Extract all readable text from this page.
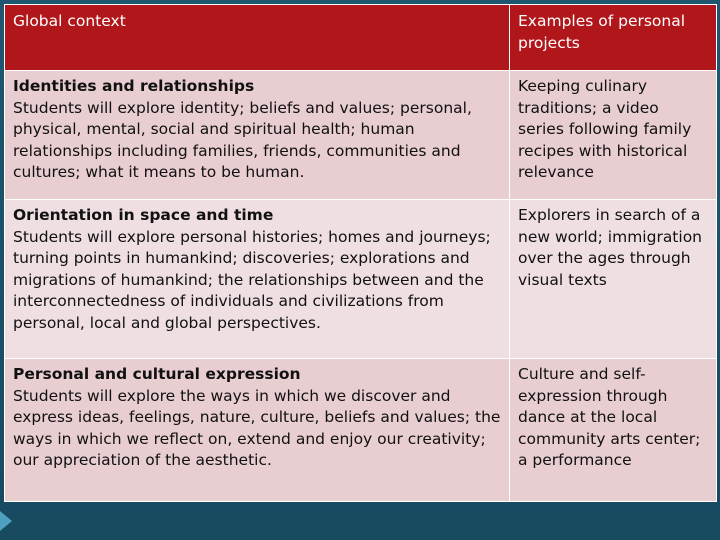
Global context	Examples of personal projects

Identities and relationships
Students will explore identity; beliefs and values; personal, physical, mental, social and spiritual health; human relationships including families, friends, communities and cultures; what it means to be human.	Keeping culinary traditions; a video series following family recipes with historical relevance

Orientation in space and time
Students will explore personal histories; homes and journeys; turning points in humankind; discoveries; explorations and migrations of humankind; the relationships between and the interconnectedness of individuals and civilizations from personal, local and global perspectives.	Explorers in search of a new world; immigration over the ages through visual texts

Personal and cultural expression
Students will explore the ways in which we discover and express ideas, feelings, nature, culture, beliefs and values; the ways in which we reflect on, extend and enjoy our creativity; our appreciation of the aesthetic.	Culture and self-expression through dance at the local community arts center; a performance
